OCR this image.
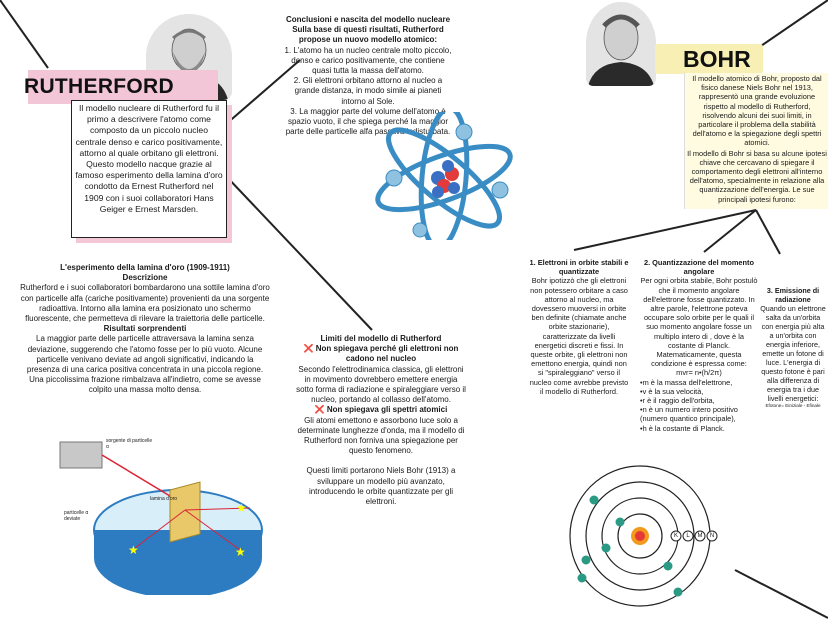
RUTHERFORD
Il modello nucleare di Rutherford fu il primo a descrivere l'atomo come composto da un piccolo nucleo centrale denso e carico positivamente, attorno al quale orbitano gli elettroni. Questo modello nacque grazie al famoso esperimento della lamina d'oro condotto da Ernest Rutherford nel 1909 con i suoi collaboratori Hans Geiger e Ernest Marsden.
Conclusioni e nascita del modello nucleare
Sulla base di questi risultati, Rutherford propose un nuovo modello atomico:
1. L'atomo ha un nucleo centrale molto piccolo, denso e carico positivamente, che contiene quasi tutta la massa dell'atomo.
2. Gli elettroni orbitano attorno al nucleo a grande distanza, in modo simile ai pianeti intorno al Sole.
3. La maggior parte del volume dell'atomo è spazio vuoto, il che spiega perché la maggior parte delle particelle alfa passava indisturbata.
L'esperimento della lamina d'oro (1909-1911)
Descrizione
Rutherford e i suoi collaboratori bombardarono una sottile lamina d'oro con particelle alfa (cariche positivamente) provenienti da una sorgente radioattiva. Intorno alla lamina era posizionato uno schermo fluorescente, che permetteva di rilevare la traiettoria delle particelle.
Risultati sorprendenti
La maggior parte delle particelle attraversava la lamina senza deviazione, suggerendo che l'atomo fosse per lo più vuoto. Alcune particelle venivano deviate ad angoli significativi, indicando la presenza di una carica positiva concentrata in una piccola regione. Una piccolissima frazione rimbalzava all'indietro, come se avesse colpito una massa molto densa.
★
★	★
sorgente di particelle α
lamina d'oro
particelle α deviate
Limiti del modello di Rutherford
❌ Non spiegava perché gli elettroni non cadono nel nucleo
Secondo l'elettrodinamica classica, gli elettroni in movimento dovrebbero emettere energia sotto forma di radiazione e spiraleggiare verso il nucleo, portando al collasso dell'atomo.
❌ Non spiegava gli spettri atomici
Gli atomi emettono e assorbono luce solo a determinate lunghezze d'onda, ma il modello di Rutherford non forniva una spiegazione per questo fenomeno.
Questi limiti portarono Niels Bohr (1913) a sviluppare un modello più avanzato, introducendo le orbite quantizzate per gli elettroni.
BOHR
Il modello atomico di Bohr, proposto dal fisico danese Niels Bohr nel 1913, rappresentò una grande evoluzione rispetto al modello di Rutherford, risolvendo alcuni dei suoi limiti, in particolare il problema della stabilità dell'atomo e la spiegazione degli spettri atomici.
Il modello di Bohr si basa su alcune ipotesi chiave che cercavano di spiegare il comportamento degli elettroni all'interno dell'atomo, specialmente in relazione alla quantizzazione dell'energia. Le sue principali ipotesi furono:
1. Elettroni in orbite stabili e quantizzate
Bohr ipotizzò che gli elettroni non potessero orbitare a caso attorno al nucleo, ma dovessero muoversi in orbite ben definite (chiamate anche orbite stazionarie), caratterizzate da livelli energetici discreti e fissi. In queste orbite, gli elettroni non emettono energia, quindi non si "spiraleggiano" verso il nucleo come avrebbe previsto il modello di Rutherford.
2. Quantizzazione del momento angolare
Per ogni orbita stabile, Bohr postulò che il momento angolare dell'elettrone fosse quantizzato. In altre parole, l'elettrone poteva occupare solo orbite per le quali il suo momento angolare fosse un multiplo intero di , dove è la costante di Planck.
Matematicamente, questa condizione è espressa come:
mvr= n•(h/2π)
•m è la massa dell'elettrone,
•v è la sua velocità,
•r è il raggio dell'orbita,
•n è un numero intero positivo (numero quantico principale),
•h è la costante di Planck.
3. Emissione di radiazione
Quando un elettrone salta da un'orbita con energia più alta a un'orbita con energia inferiore, emette un fotone di luce. L'energia di questo fotone è pari alla differenza di energia tra i due livelli energetici:
Efotone= Einiziale - Efinale
K	L	M	N
